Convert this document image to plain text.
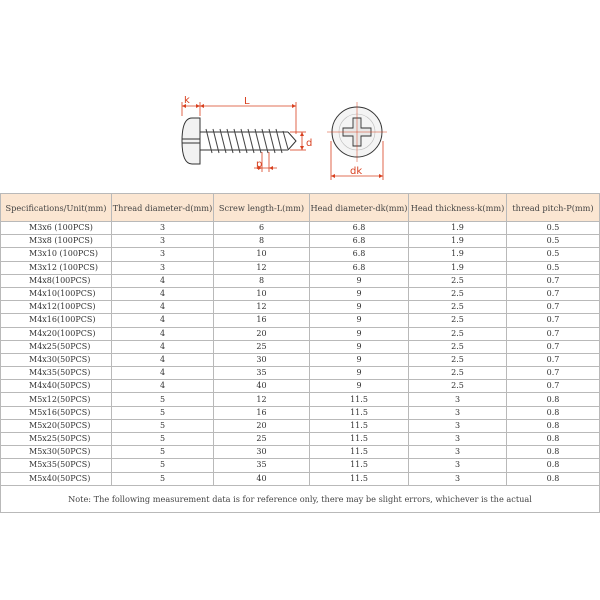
k	L
d
p
dk
Specifications/Unit(mm)	Thread diameter-d(mm)	Screw length-L(mm)	Head diameter-dk(mm)	Head thickness-k(mm)	thread pitch-P(mm)
M3x6 (100PCS)	3	6	6.8	1.9	0.5
M3x8 (100PCS)	3	8	6.8	1.9	0.5
M3x10 (100PCS)	3	10	6.8	1.9	0.5
M3x12 (100PCS)	3	12	6.8	1.9	0.5
M4x8(100PCS)	4	8	9	2.5	0.7
M4x10(100PCS)	4	10	9	2.5	0.7
M4x12(100PCS)	4	12	9	2.5	0.7
M4x16(100PCS)	4	16	9	2.5	0.7
M4x20(100PCS)	4	20	9	2.5	0.7
M4x25(50PCS)	4	25	9	2.5	0.7
M4x30(50PCS)	4	30	9	2.5	0.7
M4x35(50PCS)	4	35	9	2.5	0.7
M4x40(50PCS)	4	40	9	2.5	0.7
M5x12(50PCS)	5	12	11.5	3	0.8
M5x16(50PCS)	5	16	11.5	3	0.8
M5x20(50PCS)	5	20	11.5	3	0.8
M5x25(50PCS)	5	25	11.5	3	0.8
M5x30(50PCS)	5	30	11.5	3	0.8
M5x35(50PCS)	5	35	11.5	3	0.8
M5x40(50PCS)	5	40	11.5	3	0.8
Note: The following measurement data is for reference only, there may be slight errors, whichever is the actual					
